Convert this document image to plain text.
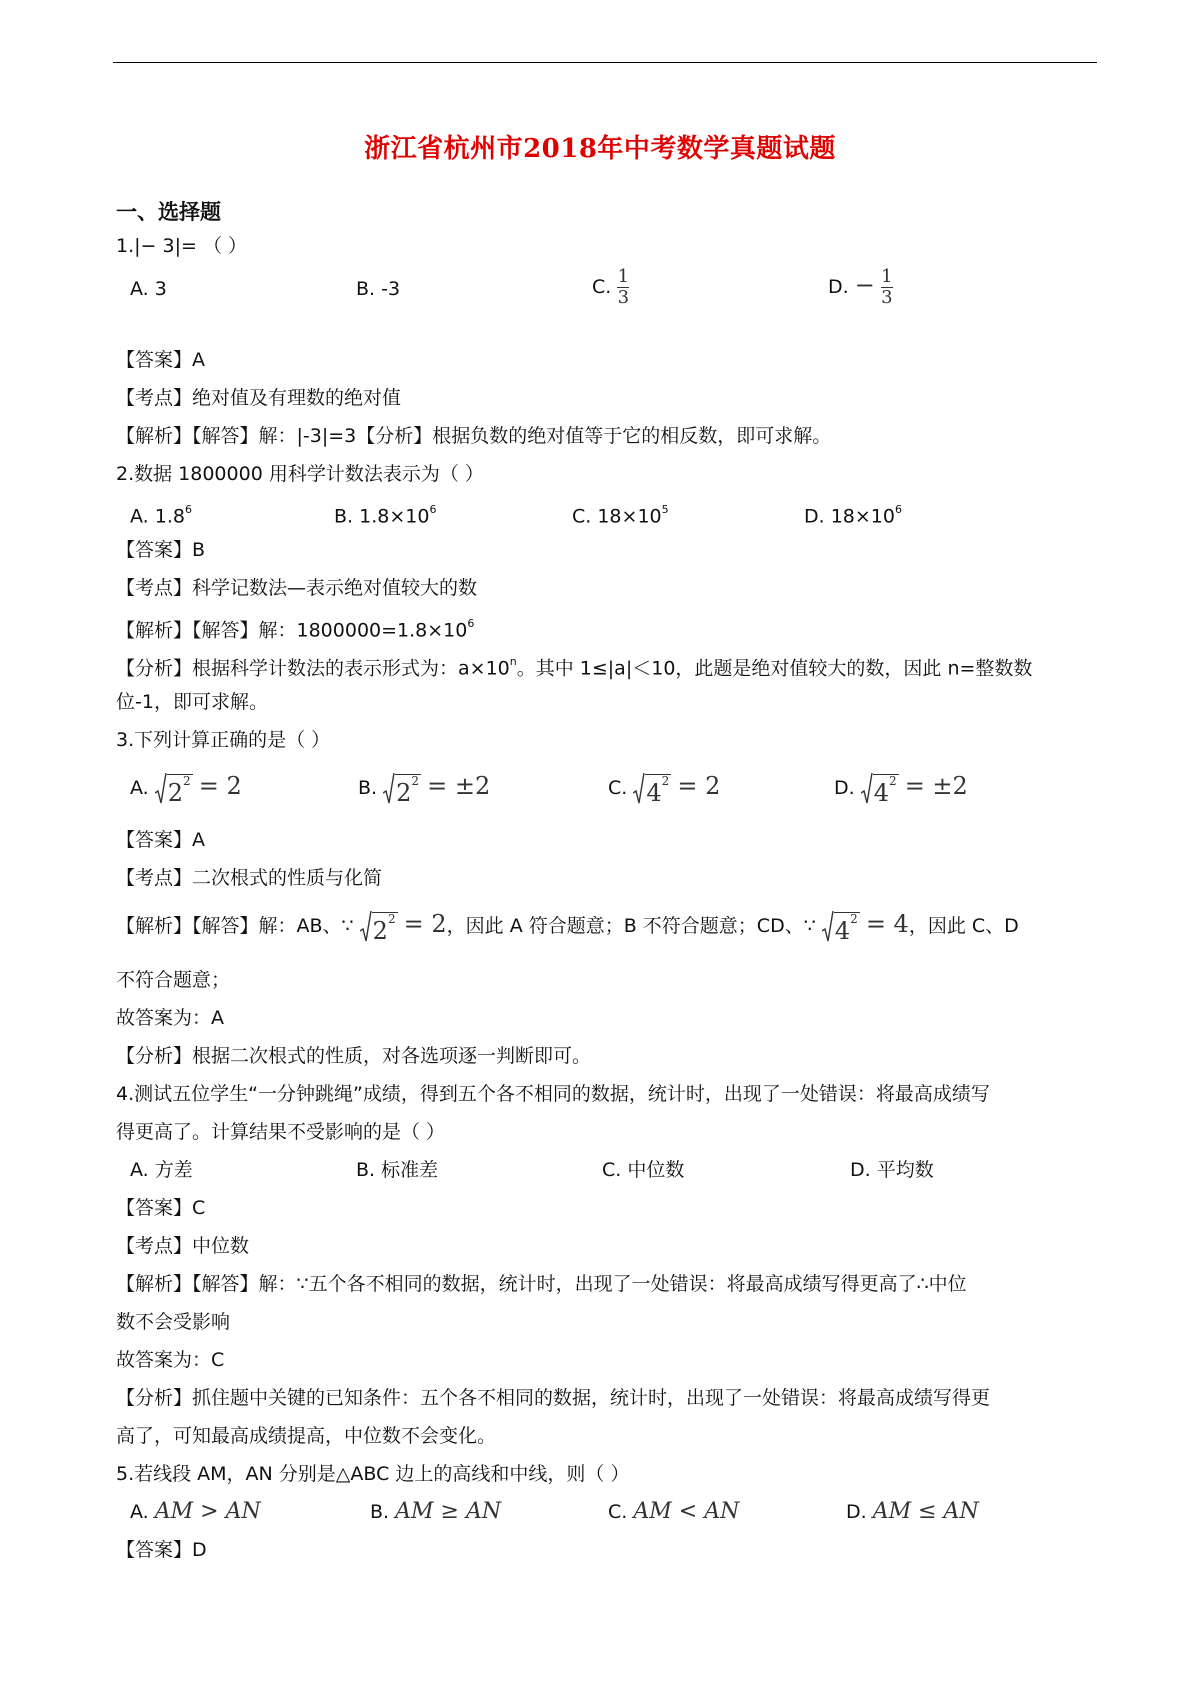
浙江省杭州市2018年中考数学真题试题
一、选择题
1.|− 3|= （ ）
A. 3	B. -3	C. $\frac{1}{3}$	D. − $\frac{1}{3}$
【答案】A
【考点】绝对值及有理数的绝对值
【解析】【解答】解：|-3|=3【分析】根据负数的绝对值等于它的相反数，即可求解。
2.数据 1800000 用科学计数法表示为（ ）
A. $1.8^6$	B. $1.8\times 10^6$	C. $18\times 10^5$	D. $18\times 10^6$
【答案】B
【考点】科学记数法—表示绝对值较大的数
【解析】【解答】解：$1800000=1.8\times 10^6$
【分析】根据科学计数法的表示形式为：$a\times 10^n$。其中 1≤|a|＜10，此题是绝对值较大的数，因此 n=整数数
位-1，即可求解。
3.下列计算正确的是（ ）
A. $2^2 = 2$	B. $2^2 = \pm 2$	C. $4^2 = 2$	D. $4^2 = \pm 2$
【答案】A
【考点】二次根式的性质与化简
【解析】【解答】解：AB、∵ $2^2 = 2$，因此 A 符合题意；B 不符合题意；CD、∵ $4^2 = 4$，因此 C、D
不符合题意；
故答案为：A
【分析】根据二次根式的性质，对各选项逐一判断即可。
4.测试五位学生“一分钟跳绳”成绩，得到五个各不相同的数据，统计时，出现了一处错误：将最高成绩写
得更高了。计算结果不受影响的是（ ）
A. 方差	B. 标准差	C. 中位数	D. 平均数
【答案】C
【考点】中位数
【解析】【解答】解：∵五个各不相同的数据，统计时，出现了一处错误：将最高成绩写得更高了∴中位
数不会受影响
故答案为：C
【分析】抓住题中关键的已知条件：五个各不相同的数据，统计时，出现了一处错误：将最高成绩写得更
高了，可知最高成绩提高，中位数不会变化。
5.若线段 AM，AN 分别是△ABC 边上的高线和中线，则（ ）
A. AM > AN	B. AM ≥ AN	C. AM < AN	D. AM ≤ AN
【答案】D
